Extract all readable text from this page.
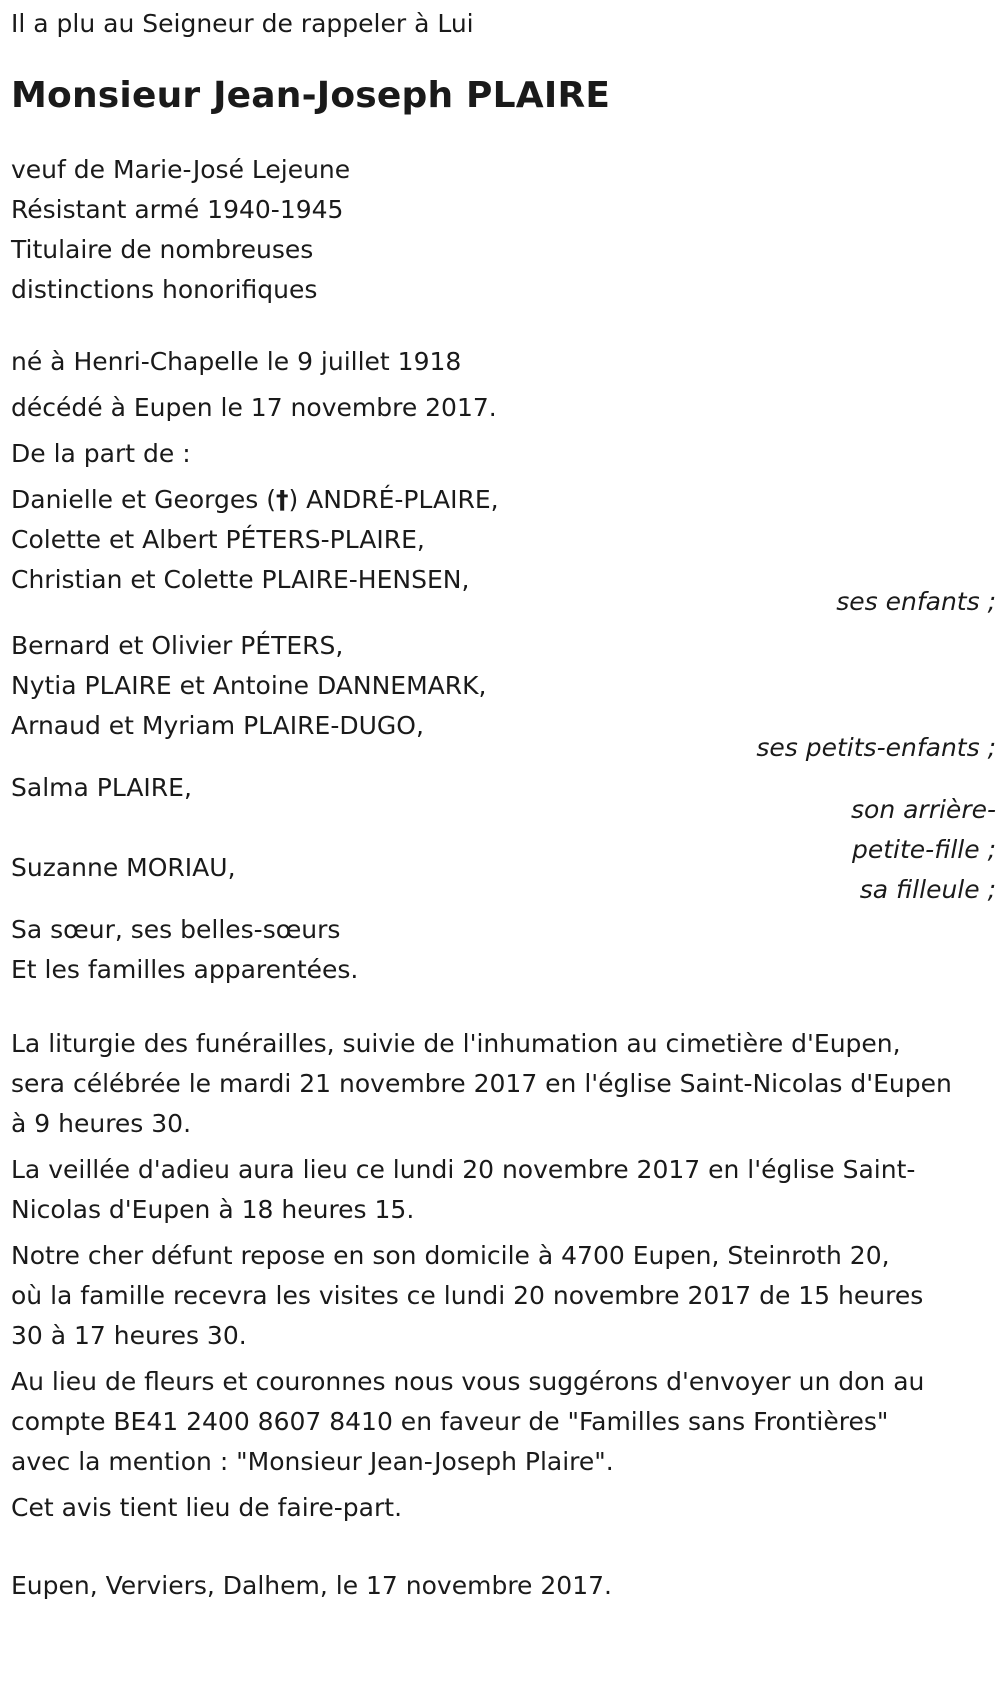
Il a plu au Seigneur de rappeler à Lui
Monsieur Jean-Joseph PLAIRE
veuf de Marie-José Lejeune
Résistant armé 1940-1945
Titulaire de nombreuses
distinctions honorifiques
né à Henri-Chapelle le 9 juillet 1918
décédé à Eupen le 17 novembre 2017.
De la part de :
Danielle et Georges (†) ANDRÉ-PLAIRE,
Colette et Albert PÉTERS-PLAIRE,
Christian et Colette PLAIRE-HENSEN,
ses enfants ;
Bernard et Olivier PÉTERS,
Nytia PLAIRE et Antoine DANNEMARK,
Arnaud et Myriam PLAIRE-DUGO,
ses petits-enfants ;
Salma PLAIRE,
son arrière-
petite-fille ;
Suzanne MORIAU,
sa filleule ;
Sa sœur, ses belles-sœurs
Et les familles apparentées.
La liturgie des funérailles, suivie de l'inhumation au cimetière d'Eupen,
sera célébrée le mardi 21 novembre 2017 en l'église Saint-Nicolas d'Eupen
à 9 heures 30.
La veillée d'adieu aura lieu ce lundi 20 novembre 2017 en l'église Saint-
Nicolas d'Eupen à 18 heures 15.
Notre cher défunt repose en son domicile à 4700 Eupen, Steinroth 20,
où la famille recevra les visites ce lundi 20 novembre 2017 de 15 heures
30 à 17 heures 30.
Au lieu de fleurs et couronnes nous vous suggérons d'envoyer un don au
compte BE41 2400 8607 8410 en faveur de "Familles sans Frontières"
avec la mention : "Monsieur Jean-Joseph Plaire".
Cet avis tient lieu de faire-part.
Eupen, Verviers, Dalhem, le 17 novembre 2017.
